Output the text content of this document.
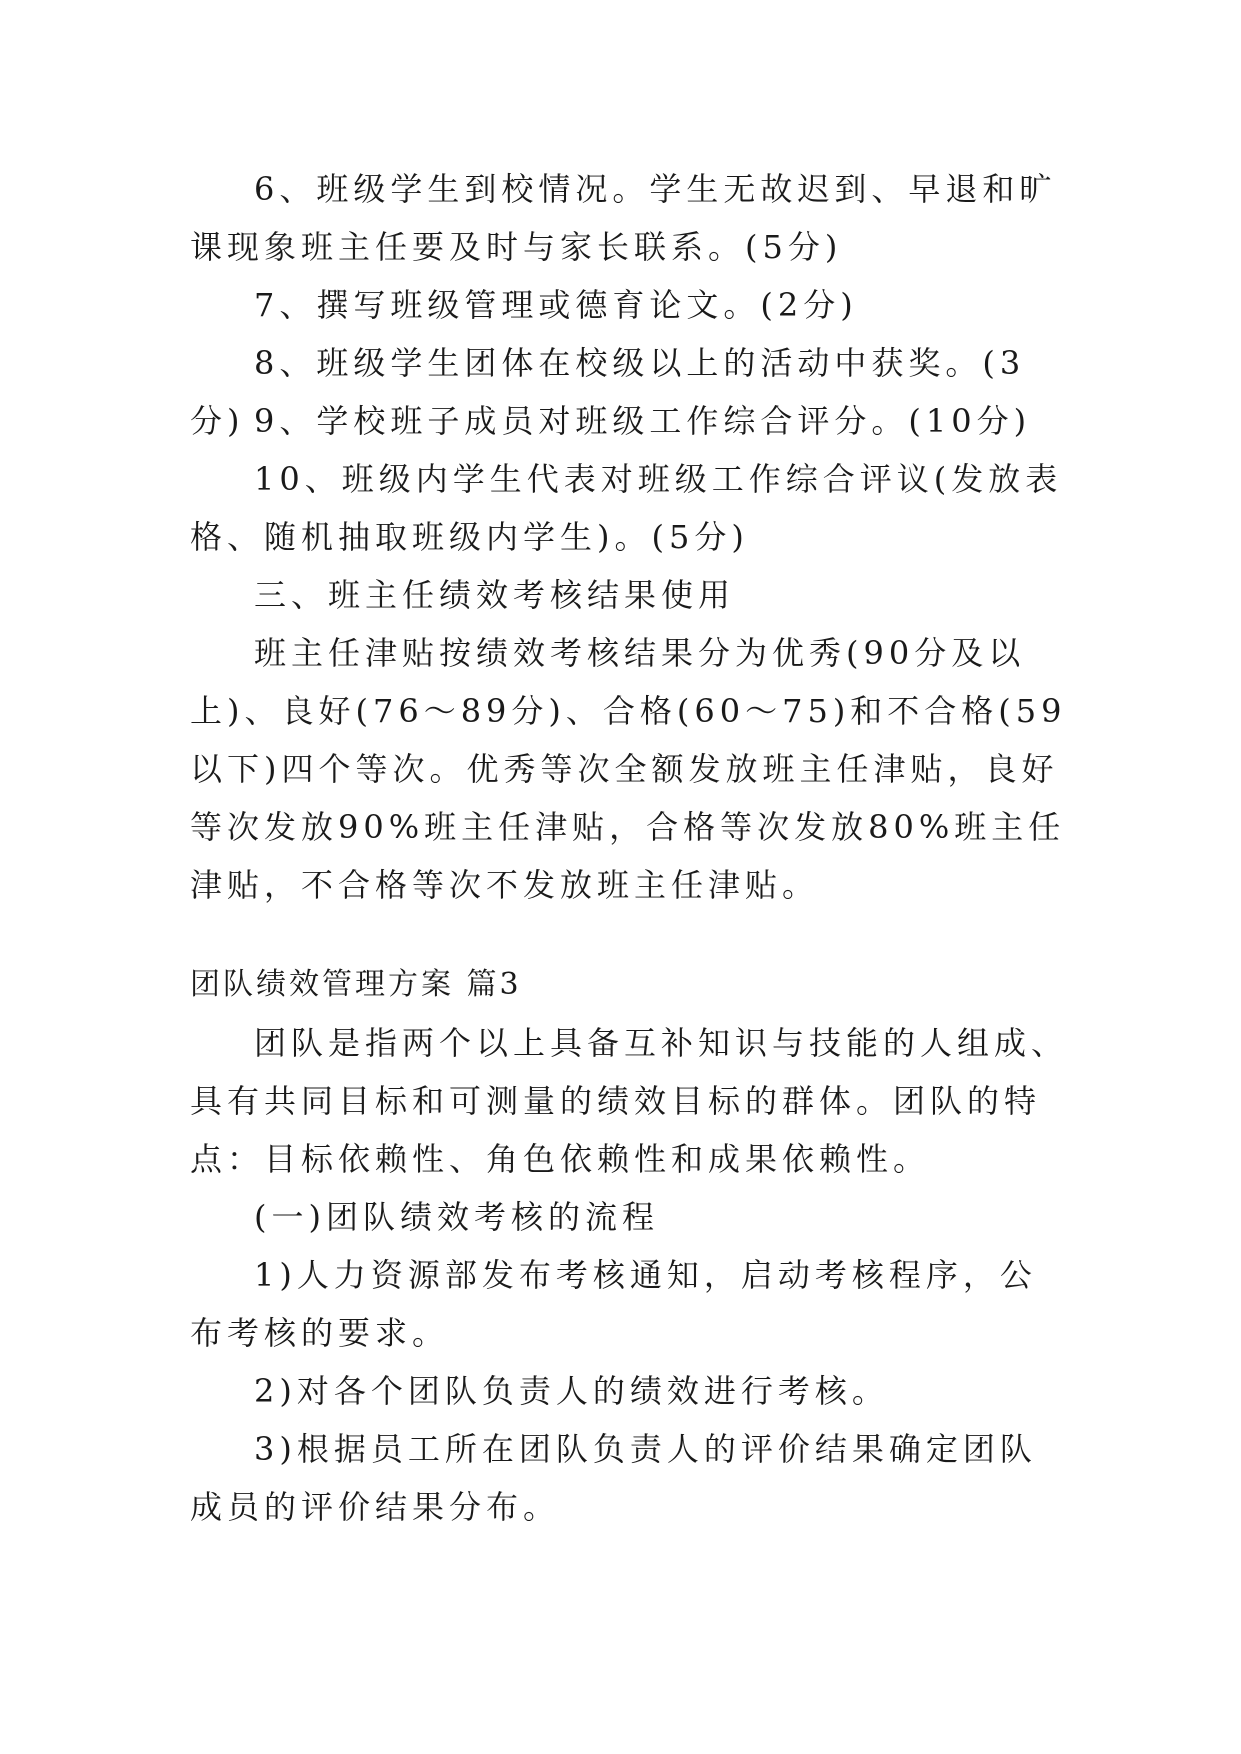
6、班级学生到校情况。学生无故迟到、早退和旷课现象班主任要及时与家长联系。(5分)

7、撰写班级管理或德育论文。(2分)

8、班级学生团体在校级以上的活动中获奖。(3分) 9、学校班子成员对班级工作综合评分。(10分)

10、班级内学生代表对班级工作综合评议(发放表格、随机抽取班级内学生)。(5分)

三、班主任绩效考核结果使用

班主任津贴按绩效考核结果分为优秀(90分及以上)、良好(76～89分)、合格(60～75)和不合格(59以下)四个等次。优秀等次全额发放班主任津贴，良好等次发放90%班主任津贴，合格等次发放80%班主任津贴，不合格等次不发放班主任津贴。

团队绩效管理方案 篇3

团队是指两个以上具备互补知识与技能的人组成、具有共同目标和可测量的绩效目标的群体。团队的特点：目标依赖性、角色依赖性和成果依赖性。

(一)团队绩效考核的流程

1)人力资源部发布考核通知，启动考核程序，公布考核的要求。

2)对各个团队负责人的绩效进行考核。

3)根据员工所在团队负责人的评价结果确定团队成员的评价结果分布。
